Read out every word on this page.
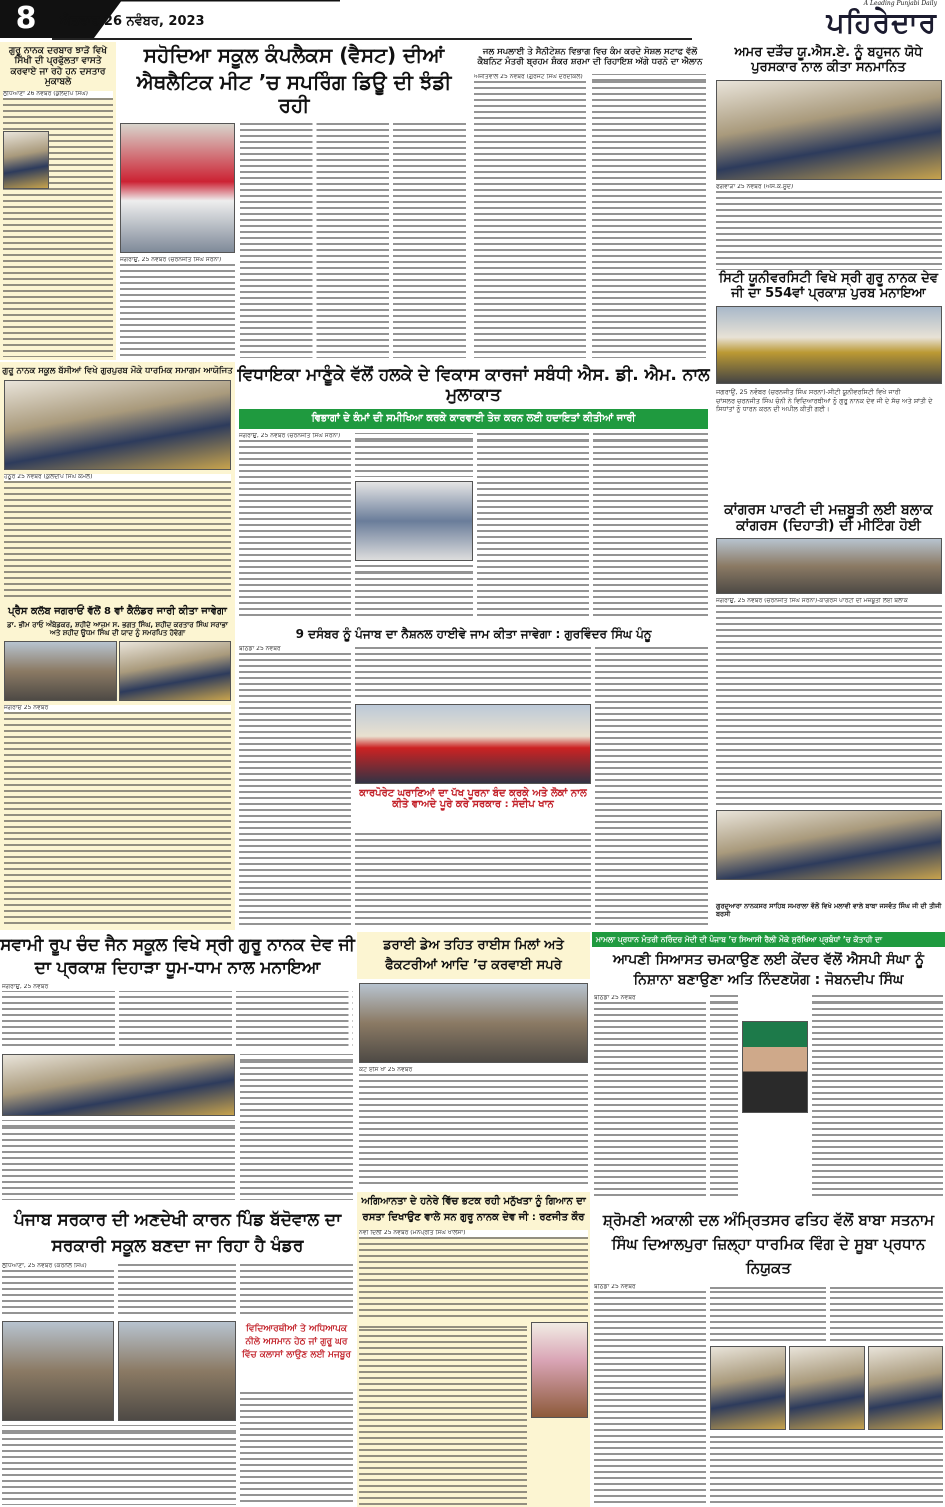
8	ਐਤਵਾਰ 26 ਨਵੰਬਰ, 2023
A Leading Punjabi Daily
ਪਹਿਰੇਦਾਰ
ਗੁਰੂ ਨਾਨਕ ਦਰਬਾਰ ਝਾੜੋ ਵਿਖੇ ਸਿੱਖੀ ਦੀ ਪ੍ਰਫੁੱਲਤਾ ਵਾਸਤੇ ਕਰਵਾਏ ਜਾ ਰਹੇ ਹਨ ਦਸਤਾਰ ਮੁਕਾਬਲੇ
ਲੁਧਿਆਣਾ 26 ਨਵੰਬਰ (ਕੁਲਦੀਪ ਸਿੰਘ)
ਸਹੋਦਿਆ ਸਕੂਲ ਕੰਪਲੈਕਸ (ਵੈਸਟ) ਦੀਆਂ
ਐਥਲੈਟਿਕ ਮੀਟ ’ਚ ਸਪਰਿੰਗ ਡਿਊ ਦੀ ਝੰਡੀ ਰਹੀ
ਜਗਰਾਉਂ, 25 ਨਵੰਬਰ (ਚਰਨਜੀਤ ਸਿੰਘ ਸਰਨਾ)
ਜਲ ਸਪਲਾਈ ਤੇ ਸੈਨੀਟੇਸ਼ਨ ਵਿਭਾਗ ਵਿਚ ਕੰਮ ਕਰਦੇ ਸੋਸ਼ਲ ਸਟਾਫ ਵੱਲੋਂ ਕੈਬਨਿਟ ਮੰਤਰੀ ਬ੍ਰਹਮ ਸ਼ੰਕਰ ਸ਼ਰਮਾ ਦੀ ਰਿਹਾਇਸ਼ ਅੱਗੇ ਧਰਨੇ ਦਾ ਐਲਾਨ
ਅਜੀਤਵਾਲ 25 ਨਵੰਬਰ (ਗੁਰਜੰਟ ਸਿੰਘ ਦਰਦੀਕਲ)
ਅਮਰ ਦੜੌਚ ਯੂ.ਐਸ.ਏ. ਨੂੰ ਬਹੁਜਨ ਯੋਧੇ ਪੁਰਸਕਾਰ ਨਾਲ ਕੀਤਾ ਸਨਮਾਨਿਤ
ਫਗਵਾੜਾ 25 ਨਵੰਬਰ (ਐੱਸ.ਕੇ.ਸੂਦ)
ਸਿਟੀ ਯੂਨੀਵਰਸਿਟੀ ਵਿਖੇ ਸ੍ਰੀ ਗੁਰੂ ਨਾਨਕ ਦੇਵ ਜੀ ਦਾ 554ਵਾਂ ਪ੍ਰਕਾਸ਼ ਪੁਰਬ ਮਨਾਇਆ
ਜਗਰਾਉਂ, 25 ਨਵੰਬਰ (ਚਰਨਜੀਤ ਸਿੰਘ ਸਰਨਾ)-ਸੀਟੀ ਯੂਨੀਵਰਸਿਟੀ ਵਿਖੇ ਜਾਰੀ
ਚਾਂਸਲਰ ਚਰਨਜੀਤ ਸਿੰਘ ਚੰਨੀ ਨੇ ਵਿਦਿਆਰਥੀਆਂ ਨੂੰ ਗੁਰੂ ਨਾਨਕ ਦੇਵ ਜੀ ਦੇ ਸੱਚ ਅਤੇ ਸ਼ਾਂਤੀ ਦੇ ਸਿਧਾਂਤਾਂ ਨੂੰ ਧਾਰਨ ਕਰਨ ਦੀ ਅਪੀਲ ਕੀਤੀ ਗਈ।
ਕਾਂਗਰਸ ਪਾਰਟੀ ਦੀ ਮਜ਼ਬੂਤੀ ਲਈ ਬਲਾਕ ਕਾਂਗਰਸ (ਦਿਹਾਤੀ) ਦੀ ਮੀਟਿੰਗ ਹੋਈ
ਜਗਰਾਉਂ, 25 ਨਵੰਬਰ (ਚਰਨਜੀਤ ਸਿੰਘ ਸਰਨਾ)-ਕਾਂਗਰਸ ਪਾਰਟੀ ਦੀ ਮਜ਼ਬੂਤੀ ਲਈ ਬਲਾਕ
ਗੁਰਦੁਆਰਾ ਨਾਨਕਸਰ ਸਾਹਿਬ ਸਮਰਾਲਾ ਵੱਲੋਂ ਵਿਖੇ ਮਲਾਵੀ ਵਾਲੇ ਬਾਬਾ ਜਸਵੰਤ ਸਿੰਘ ਜੀ ਦੀ ਤੀਜੀ ਬਰਸੀ
ਗੁਰੂ ਨਾਨਕ ਸਕੂਲ ਬੱਸੀਆਂ ਵਿਖੇ ਗੁਰਪੁਰਬ ਮੌਕੇ ਧਾਰਮਿਕ ਸਮਾਗਮ ਆਯੋਜਿਤ
ਹਠੂਰ 25 ਨਵੰਬਰ (ਕੁਲਦੀਪ ਸਿੰਘ ਕੋਮਲ)
ਪ੍ਰੈਸ ਕਲੱਬ ਜਗਰਾਓਂ ਵੱਲੋਂ 8 ਵਾਂ ਕੈਲੰਡਰ ਜਾਰੀ ਕੀਤਾ ਜਾਵੇਗਾ
ਡਾ. ਭੀਮ ਰਾਓ ਅੰਬੇਡਕਰ, ਸ਼ਹੀਦੇ ਆਜ਼ਮ ਸ. ਭਗਤ ਸਿੰਘ, ਸ਼ਹੀਦ ਕਰਤਾਰ ਸਿੰਘ ਸਰਾਭਾ ਅਤੇ ਸ਼ਹੀਦ ਊਧਮ ਸਿੰਘ ਦੀ ਯਾਦ ਨੂੰ ਸਮਰਪਿਤ ਹੋਵੇਗਾ
ਜਗਰਾਓਂ 25 ਨਵੰਬਰ
ਵਿਧਾਇਕਾ ਮਾਣੂੰਕੇ ਵੱਲੋਂ ਹਲਕੇ ਦੇ ਵਿਕਾਸ ਕਾਰਜਾਂ ਸਬੰਧੀ ਐਸ. ਡੀ. ਐਮ. ਨਾਲ ਮੁਲਾਕਾਤ
ਵਿਭਾਗਾਂ ਦੇ ਕੰਮਾਂ ਦੀ ਸਮੀਖਿਆ ਕਰਕੇ ਕਾਰਵਾਈ ਤੇਜ਼ ਕਰਨ ਲਈ ਹਦਾਇਤਾਂ ਕੀਤੀਆਂ ਜਾਰੀ
ਜਗਰਾਉਂ, 25 ਨਵੰਬਰ (ਚਰਨਜੀਤ ਸਿੰਘ ਸਰਨਾ)
9 ਦਸੰਬਰ ਨੂੰ ਪੰਜਾਬ ਦਾ ਨੈਸ਼ਨਲ ਹਾਈਵੇ ਜਾਮ ਕੀਤਾ ਜਾਵੇਗਾ : ਗੁਰਵਿੰਦਰ ਸਿੰਘ ਪੰਨੂ
ਬਠਿੰਡਾ 25 ਨਵੰਬਰ
ਕਾਰਪੋਰੇਟ ਘਰਾਣਿਆਂ ਦਾ ਪੱਖ ਪੂਰਨਾ ਬੰਦ ਕਰਕੇ ਅਤੇ ਲੋਕਾਂ ਨਾਲ ਕੀਤੇ ਵਾਅਦੇ ਪੂਰੇ ਕਰੇ ਸਰਕਾਰ : ਸੰਦੀਪ ਖਾਨ
ਸਵਾਮੀ ਰੂਪ ਚੰਦ ਜੈਨ ਸਕੂਲ ਵਿਖੇ ਸ੍ਰੀ ਗੁਰੂ ਨਾਨਕ ਦੇਵ ਜੀ ਦਾ ਪ੍ਰਕਾਸ਼ ਦਿਹਾੜਾ ਧੂਮ-ਧਾਮ ਨਾਲ ਮਨਾਇਆ
ਜਗਰਾਉਂ, 25 ਨਵੰਬਰ
ਡਰਾਈ ਡੇਅ ਤਹਿਤ ਰਾਈਸ ਮਿਲਾਂ ਅਤੇ ਫੈਕਟਰੀਆਂ ਆਦਿ ’ਚ ਕਰਵਾਈ ਸਪਰੇ
ਕੋਟ ਈਸੇ ਖਾਂ 25 ਨਵੰਬਰ
ਮਾਮਲਾ ਪ੍ਰਧਾਨ ਮੰਤਰੀ ਨਰਿੰਦਰ ਮੋਦੀ ਦੀ ਪੰਜਾਬ ’ਚ ਸਿਆਸੀ ਰੈਲੀ ਮੌਕੇ ਸੁਰੱਖਿਆ ਪ੍ਰਬੰਧਾਂ ’ਚ ਕੋਤਾਹੀ ਦਾ
ਆਪਣੀ ਸਿਆਸਤ ਚਮਕਾਉਣ ਲਈ ਕੇਂਦਰ ਵੱਲੋਂ ਐਸਪੀ ਸੰਘਾ ਨੂੰ ਨਿਸ਼ਾਨਾ ਬਣਾਉਣਾ ਅਤਿ ਨਿੰਦਣਯੋਗ : ਜੋਬਨਦੀਪ ਸਿੰਘ
ਬਠਿੰਡਾ 25 ਨਵੰਬਰ
ਅਗਿਆਨਤਾ ਦੇ ਹਨੇਰੇ ਵਿੱਚ ਭਟਕ ਰਹੀ ਮਨੁੱਖਤਾ ਨੂੰ ਗਿਆਨ ਦਾ ਰਸਤਾ ਦਿਖਾਉਣ ਵਾਲੇ ਸਨ ਗੁਰੂ ਨਾਨਕ ਦੇਵ ਜੀ : ਰਣਜੀਤ ਕੌਰ
ਨਵੀਂ ਦਿੱਲੀ 25 ਨਵੰਬਰ (ਮਨਪ੍ਰੀਤ ਸਿੰਘ ਖਾਲਸਾ)
ਪੰਜਾਬ ਸਰਕਾਰ ਦੀ ਅਣਦੇਖੀ ਕਾਰਨ ਪਿੰਡ ਬੱਦੋਵਾਲ ਦਾ ਸਰਕਾਰੀ ਸਕੂਲ ਬਣਦਾ ਜਾ ਰਿਹਾ ਹੈ ਖੰਡਰ
ਲੁਧਿਆਣਾ, 25 ਨਵੰਬਰ (ਕਰਨੈਲ ਸਿੰਘ)
ਵਿਦਿਆਰਥੀਆਂ ਤੇ ਅਧਿਆਪਕ ਨੀਲੇ ਅਸਮਾਨ ਹੇਠ ਜਾਂ ਗੁਰੂ ਘਰ ਵਿੱਚ ਕਲਾਸਾਂ ਲਾਉਣ ਲਈ ਮਜਬੂਰ
ਸ਼੍ਰੋਮਣੀ ਅਕਾਲੀ ਦਲ ਅੰਮ੍ਰਿਤਸਰ ਫਤਿਹ ਵੱਲੋਂ ਬਾਬਾ ਸਤਨਾਮ ਸਿੰਘ ਦਿਆਲਪੁਰਾ ਜ਼ਿਲ੍ਹਾ ਧਾਰਮਿਕ ਵਿੰਗ ਦੇ ਸੂਬਾ ਪ੍ਰਧਾਨ ਨਿਯੁਕਤ
ਬਠਿੰਡਾ 25 ਨਵੰਬਰ
